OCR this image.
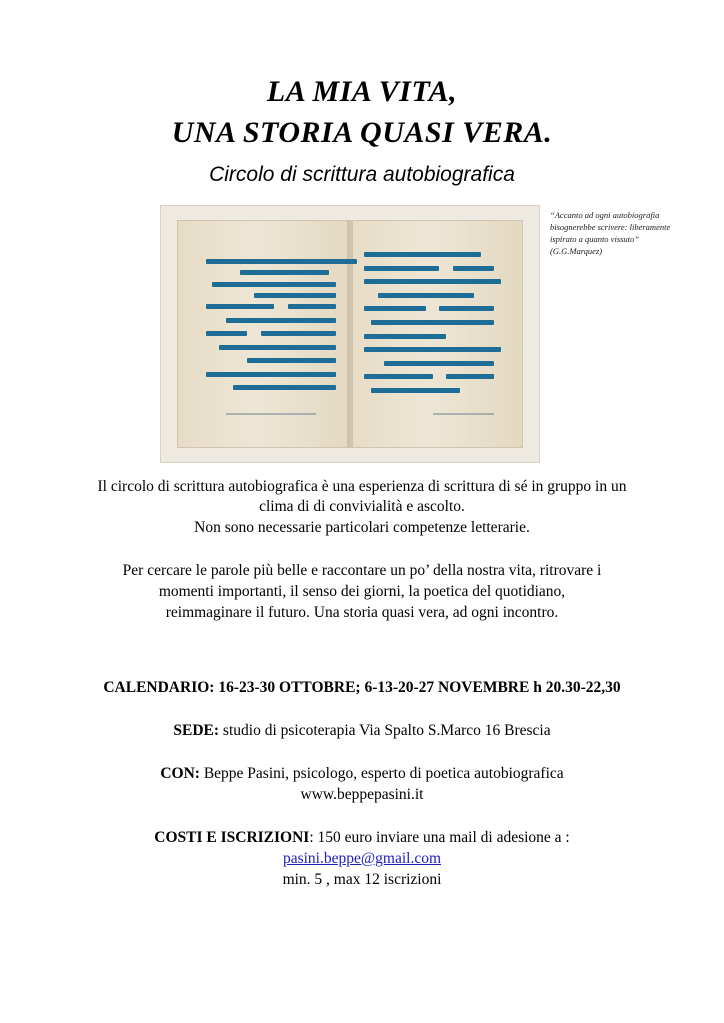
LA MIA VITA,
UNA STORIA QUASI VERA.
Circolo di scrittura autobiografica
“Accanto ad ogni autobiografia bisognerebbe scrivere: liberamente ispirato a quanto vissuto” (G.G.Marquez)
Il circolo di scrittura autobiografica è una esperienza di scrittura di sé in gruppo in un
clima di di convivialità e ascolto.
Non sono necessarie particolari competenze letterarie.
Per cercare le parole più belle e raccontare un po’ della nostra vita, ritrovare i
momenti importanti, il senso dei giorni, la poetica del quotidiano,
reimmaginare il futuro. Una storia quasi vera, ad ogni incontro.
CALENDARIO: 16-23-30 OTTOBRE; 6-13-20-27 NOVEMBRE h 20.30-22,30
SEDE: studio di psicoterapia Via Spalto S.Marco 16 Brescia
CON: Beppe Pasini, psicologo, esperto di poetica autobiografica
www.beppepasini.it
COSTI E ISCRIZIONI: 150 euro inviare una mail di adesione a :
pasini.beppe@gmail.com
min. 5 , max 12 iscrizioni
